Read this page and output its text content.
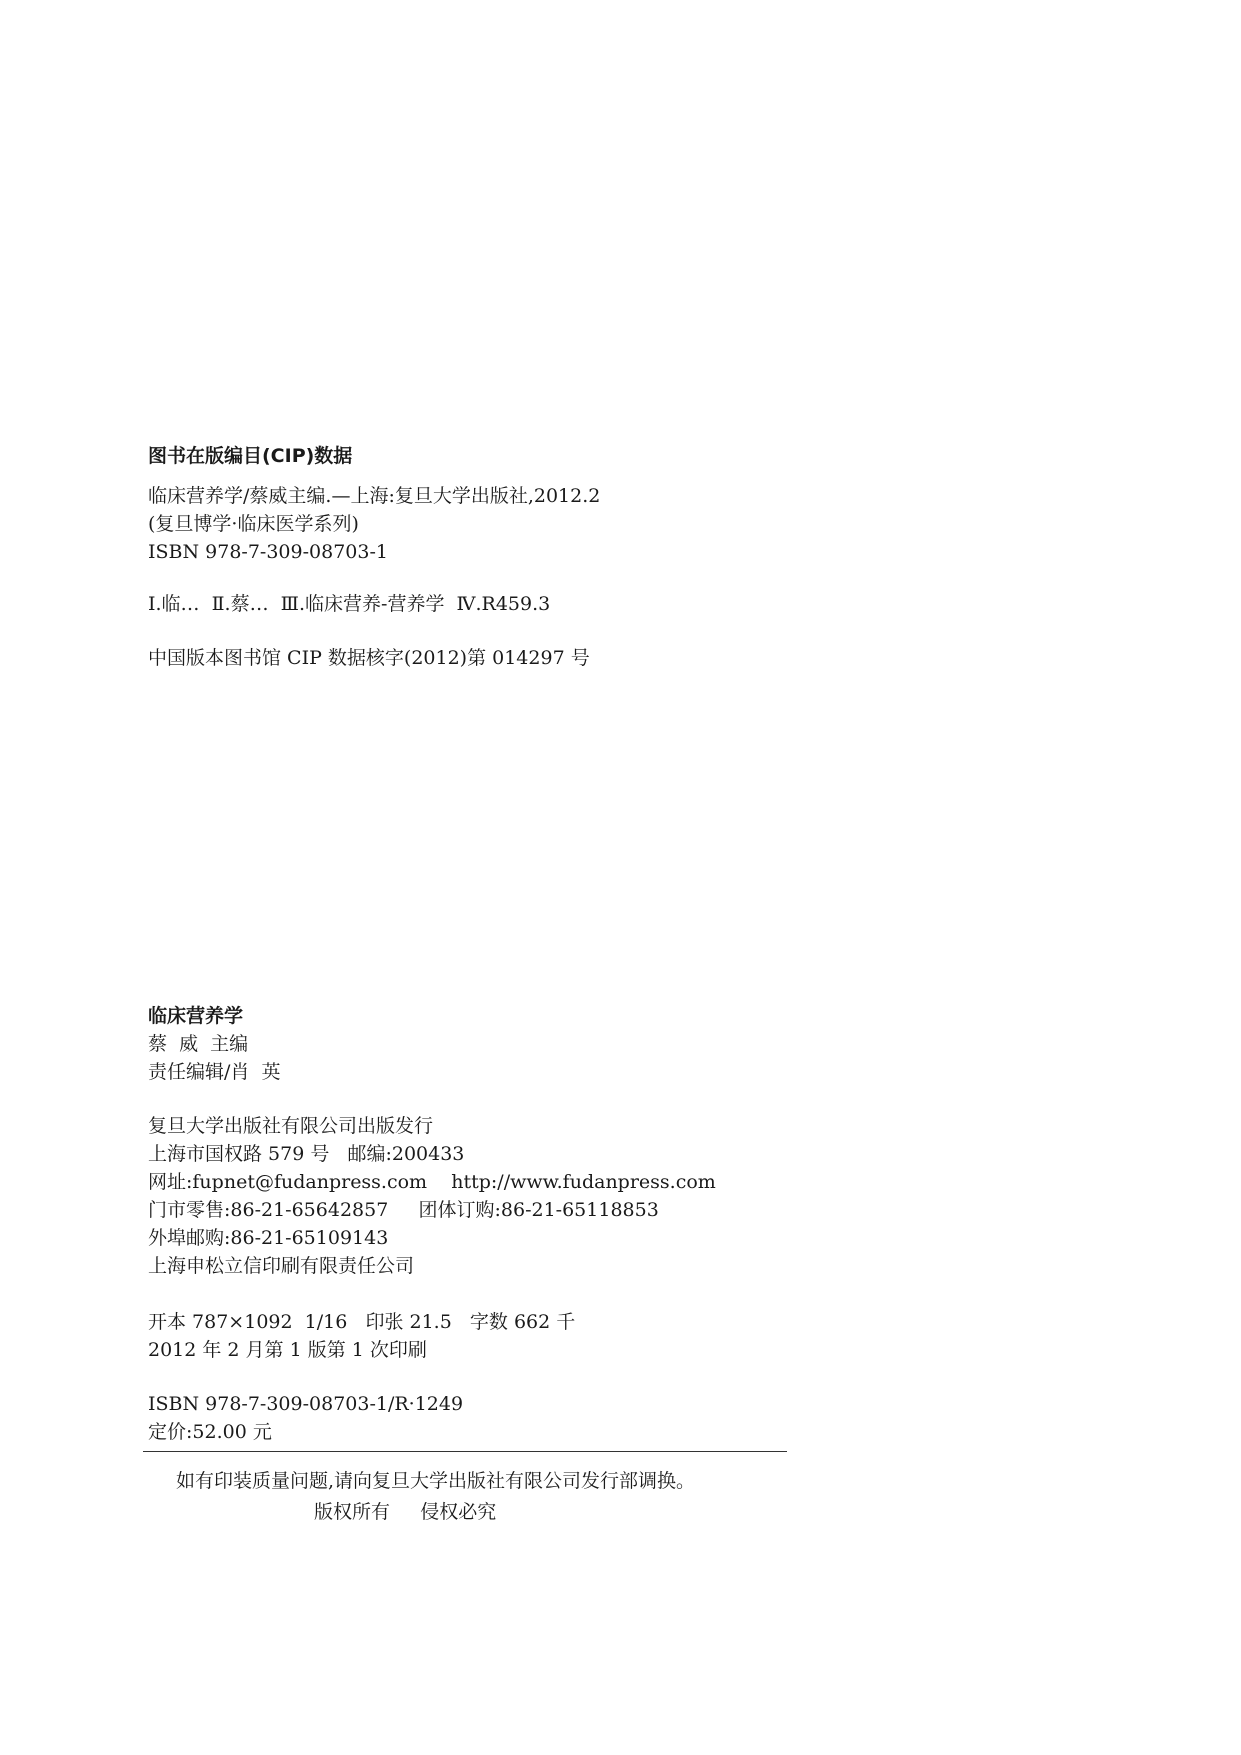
图书在版编目(CIP)数据
临床营养学/蔡威主编.—上海:复旦大学出版社,2012.2
(复旦博学·临床医学系列)
ISBN 978-7-309-08703-1
Ⅰ.临…  Ⅱ.蔡…  Ⅲ.临床营养-营养学  Ⅳ.R459.3
中国版本图书馆 CIP 数据核字(2012)第 014297 号
临床营养学
蔡  威  主编
责任编辑/肖  英
复旦大学出版社有限公司出版发行
上海市国权路 579 号   邮编:200433
网址:fupnet@fudanpress.com    http://www.fudanpress.com
门市零售:86-21-65642857     团体订购:86-21-65118853
外埠邮购:86-21-65109143
上海申松立信印刷有限责任公司
开本 787×1092  1/16   印张 21.5   字数 662 千
2012 年 2 月第 1 版第 1 次印刷
ISBN 978-7-309-08703-1/R·1249
定价:52.00 元
如有印装质量问题,请向复旦大学出版社有限公司发行部调换。
版权所有     侵权必究
